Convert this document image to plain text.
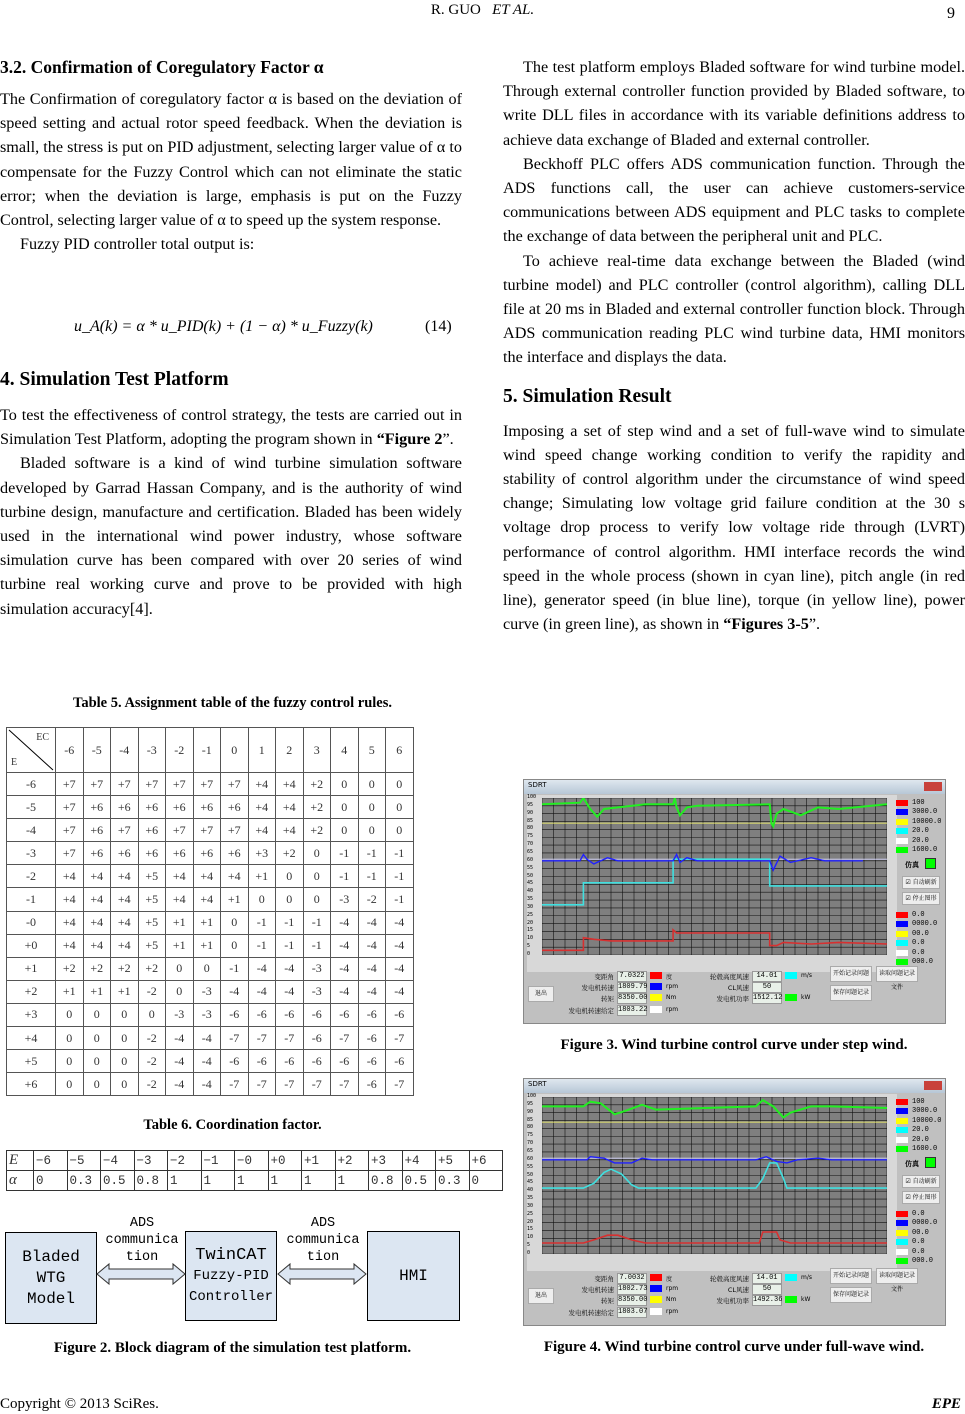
R. GUO ET AL.	9
3.2. Confirmation of Coregulatory Factor α

The Confirmation of coregulatory factor α is based on the deviation of speed setting and actual rotor speed feedback. When the deviation is small, the stress is put on PID adjustment, selecting larger value of α to compensate for the Fuzzy Control which can not eliminate the static error; when the deviation is large, emphasis is put on the Fuzzy Control, selecting larger value of α to speed up the system response.

Fuzzy PID controller total output is:

u_A(k) = α * u_PID(k) + (1 − α) * u_Fuzzy(k)	(14)
4. Simulation Test Platform

To test the effectiveness of control strategy, the tests are carried out in Simulation Test Platform, adopting the program shown in “Figure 2”.

Bladed software is a kind of wind turbine simulation software developed by Garrad Hassan Company, and is the authority of wind turbine design, manufacture and certification. Bladed has been widely used in the international wind power industry, whose software simulation curve has been compared with over 20 series of wind turbine real working curve and prove to be provided with high simulation accuracy[4].

Table 5. Assignment table of the fuzzy control rules.
EC
E	-6	-5	-4	-3	-2	-1	0	1	2	3	4	5	6
-6	+7	+7	+7	+7	+7	+7	+7	+4	+4	+2	0	0	0
-5	+7	+6	+6	+6	+6	+6	+6	+4	+4	+2	0	0	0
-4	+7	+6	+7	+6	+7	+7	+7	+4	+4	+2	0	0	0
-3	+7	+6	+6	+6	+6	+6	+6	+3	+2	0	-1	-1	-1
-2	+4	+4	+4	+5	+4	+4	+4	+1	0	0	-1	-1	-1
-1	+4	+4	+4	+5	+4	+4	+1	0	0	0	-3	-2	-1
-0	+4	+4	+4	+5	+1	+1	0	-1	-1	-1	-4	-4	-4
+0	+4	+4	+4	+5	+1	+1	0	-1	-1	-1	-4	-4	-4
+1	+2	+2	+2	+2	0	0	-1	-4	-4	-3	-4	-4	-4
+2	+1	+1	+1	-2	0	-3	-4	-4	-4	-3	-4	-4	-4
+3	0	0	0	0	-3	-3	-6	-6	-6	-6	-6	-6	-6
+4	0	0	0	-2	-4	-4	-7	-7	-7	-6	-7	-6	-7
+5	0	0	0	-2	-4	-4	-6	-6	-6	-6	-6	-6	-6
+6	0	0	0	-2	-4	-4	-7	-7	-7	-7	-7	-6	-7
Table 6. Coordination factor.
E	−6	−5	−4	−3	−2	−1	−0	+0	+1	+2	+3	+4	+5	+6
α	0	0.3	0.5	0.8	1	1	1	1	1	1	0.8	0.5	0.3	0
Bladed WTG Model
TwinCAT
Fuzzy-PID
Controller
HMI
ADS
communica
tion
ADS
communica
tion
Figure 2. Block diagram of the simulation test platform.

The test platform employs Bladed software for wind turbine model. Through external controller function provided by Bladed software, to write DLL files in accordance with its variable definitions address to achieve data exchange of Bladed and external controller.

Beckhoff PLC offers ADS communication function. Through the ADS functions call, the user can achieve customers-service communications between ADS equipment and PLC tasks to complete the exchange of data between the peripheral unit and PLC.

To achieve real-time data exchange between the Bladed (wind turbine model) and PLC controller (control algorithm), calling DLL file at 20 ms in Bladed and external controller function block. Through ADS communication reading PLC wind turbine data, HMI monitors the interface and displays the data.

5. Simulation Result

Imposing a set of step wind and a set of full-wave wind to simulate wind speed change working condition to verify the rapidity and stability of control algorithm under the circumstance of wind speed change; Simulating low voltage grid failure condition at the 30 s voltage drop process to verify low voltage ride through (LVRT) performance of control algorithm. HMI interface records the wind speed in the whole process (shown in cyan line), pitch angle (in red line), generator speed (in blue line), torque (in yellow line), power curve (in green line), as shown in “Figures 3-5”.

SDRT
100
95
90
85
80
75
70
65
60
55
50
45
40
35
30
25
20
15
10
5
0
100
3000.0
10000.0
20.0
20.0
1600.0
0.0
0000.0
00.0
0.0
0.0
000.0
仿真
☑ 自动刷新
☑ 停止图形
退出
变距角 7.0322	度
发电机转速 1809.79	rpm
转矩 8350.00	Nm
发电机转速给定 1803.22	rpm
轮毂高度风速	14.01	m/s
CL风速	50
发电机功率 1512.12	kW
开始记录问题	读取问题记录文件
保存问题记录
Figure 3. Wind turbine control curve under step wind.
SDRT
100
95
90
85
80
75
70
65
60
55
50
45
40
35
30
25
20
15
10
5
0
100
3000.0
10000.0
20.0
20.0
1600.0
0.0
0000.0
00.0
0.0
0.0
000.0
仿真
☑ 自动刷新
☑ 停止图形
退出
变距角 7.0032	度
发电机转速 1802.73	rpm
转矩 8350.00	Nm
发电机转速给定 1803.07	rpm
轮毂高度风速	14.01	m/s
CL风速	50
发电机功率 1492.36	kW
开始记录问题	读取问题记录文件
保存问题记录
Figure 4. Wind turbine control curve under full-wave wind.
Copyright © 2013 SciRes.	EPE
